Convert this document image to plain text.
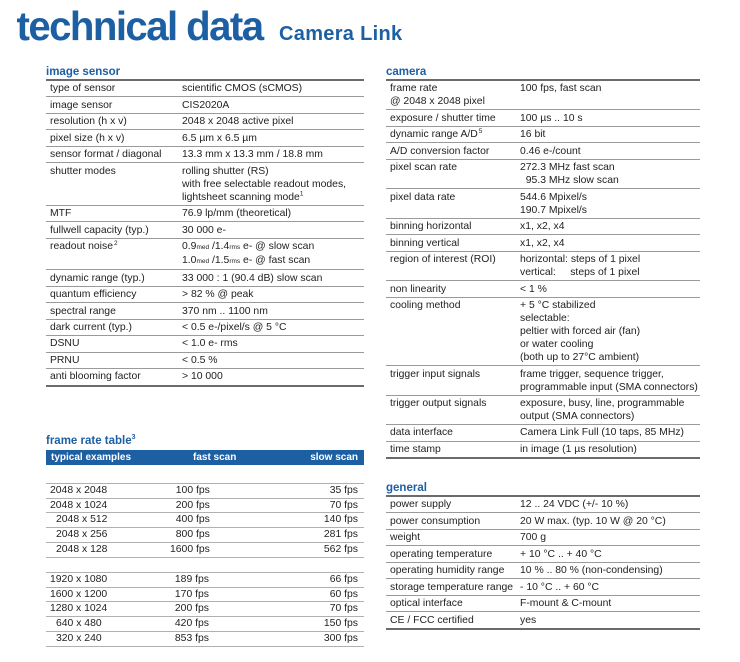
technical data Camera Link
image sensor
type of sensor	scientific CMOS (sCMOS)

image sensor	CIS2020A

resolution (h x v)	2048 x 2048 active pixel

pixel size (h x v)	6.5 µm x 6.5 µm

sensor format / diagonal	13.3 mm x 13.3 mm / 18.8 mm

shutter modes	rolling shutter (RS)
with free selectable readout modes,
lightsheet scanning mode$^1$

MTF	76.9 lp/mm (theoretical)

fullwell capacity (typ.)	30 000 e-

readout noise$^2$	0.9med /1.4rms e- @ slow scan
1.0med /1.5rms e- @ fast scan

dynamic range (typ.)	33 000 : 1 (90.4 dB) slow scan

quantum efficiency	> 82 % @ peak

spectral range	370 nm .. 1100 nm

dark current (typ.)	< 0.5 e-/pixel/s @ 5 °C

DSNU	< 1.0 e- rms

PRNU	< 0.5 %

anti blooming factor	> 10 000
frame rate table$^3$
typical examples	fast scan	slow scan
2048 x 2048	100 fps	35 fps
2048 x 1024	200 fps	70 fps
2048 x 512	400 fps	140 fps
2048 x 256	800 fps	281 fps
2048 x 128	1600 fps	562 fps
1920 x 1080	189 fps	66 fps
1600 x 1200	170 fps	60 fps
1280 x 1024	200 fps	70 fps
640 x 480	420 fps	150 fps
320 x 240	853 fps	300 fps
camera
frame rate
@ 2048 x 2048 pixel	100 fps, fast scan

exposure / shutter time	100 µs .. 10 s

dynamic range $A/D^5$	16 bit

A/D conversion factor	0.46 e-/count

pixel scan rate	272.3 MHz fast scan
95.3 MHz slow scan

pixel data rate	544.6 Mpixel/s
190.7 Mpixel/s

binning horizontal	x1, x2, x4

binning vertical	x1, x2, x4

region of interest (ROI)	horizontal: steps of 1 pixel
vertical:     steps of 1 pixel

non linearity	< 1 %

cooling method	+ 5 °C stabilized
selectable:
peltier with forced air (fan)
or water cooling
(both up to 27°C ambient)

trigger input signals	frame trigger, sequence trigger,
programmable input (SMA connectors)

trigger output signals	exposure, busy, line, programmable
output (SMA connectors)

data interface	Camera Link Full (10 taps, 85 MHz)

time stamp	in image (1 µs resolution)
general
power supply	12 .. 24 VDC (+/- 10 %)

power consumption	20 W max. (typ. 10 W @ 20 °C)

weight	700 g

operating temperature	+ 10 °C .. + 40 °C

operating humidity range	10 % .. 80 % (non-condensing)

storage temperature range	- 10 °C .. + 60 °C

optical interface	F-mount & C-mount

CE / FCC certified	yes
